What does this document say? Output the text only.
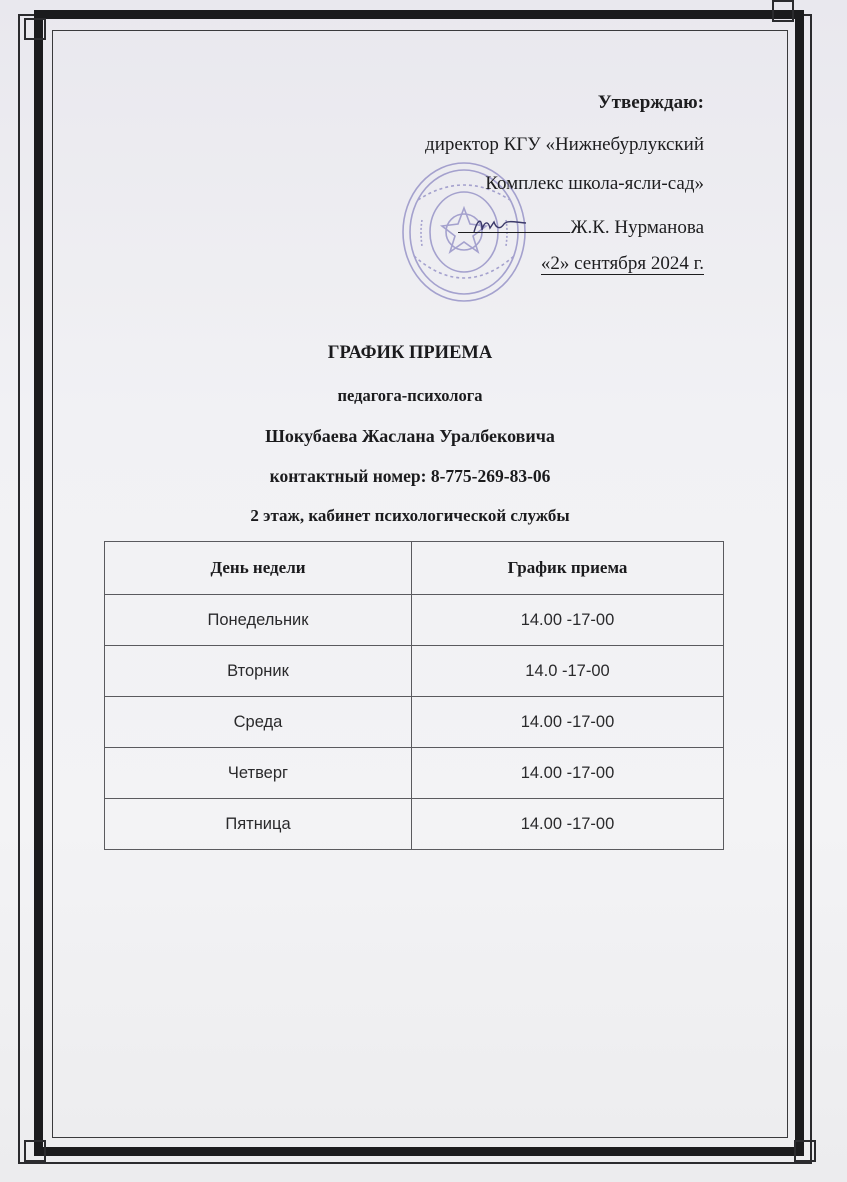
Утверждаю:
директор КГУ «Нижнебурлукский
Комплекс школа-ясли-сад»
Ж.К. Нурманова
«2» сентября 2024 г.
ГРАФИК ПРИЕМА
педагога-психолога
Шокубаева Жаслана Уралбековича
контактный номер: 8-775-269-83-06
2 этаж, кабинет психологической службы
День недели	График приема
Понедельник	14.00 -17-00
Вторник	14.0 -17-00
Среда	14.00 -17-00
Четверг	14.00 -17-00
Пятница	14.00 -17-00
